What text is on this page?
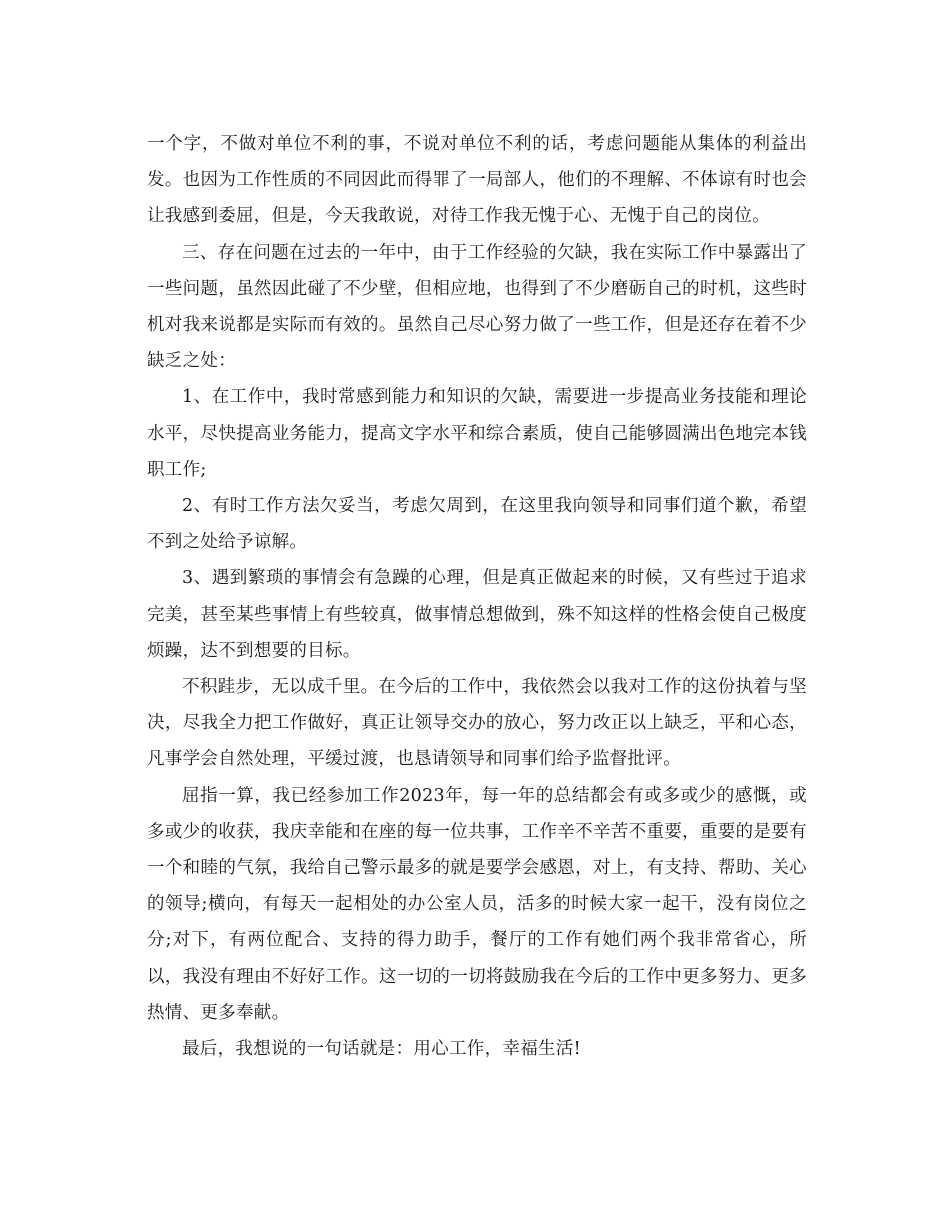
一个字，不做对单位不利的事，不说对单位不利的话，考虑问题能从集体的利益出发。也因为工作性质的不同因此而得罪了一局部人，他们的不理解、不体谅有时也会让我感到委屈，但是，今天我敢说，对待工作我无愧于心、无愧于自己的岗位。

三、存在问题在过去的一年中，由于工作经验的欠缺，我在实际工作中暴露出了一些问题，虽然因此碰了不少壁，但相应地，也得到了不少磨砺自己的时机，这些时机对我来说都是实际而有效的。虽然自己尽心努力做了一些工作，但是还存在着不少缺乏之处：

1、在工作中，我时常感到能力和知识的欠缺，需要进一步提高业务技能和理论水平，尽快提高业务能力，提高文字水平和综合素质，使自己能够圆满出色地完本钱职工作;

2、有时工作方法欠妥当，考虑欠周到，在这里我向领导和同事们道个歉，希望不到之处给予谅解。

3、遇到繁琐的事情会有急躁的心理，但是真正做起来的时候，又有些过于追求完美，甚至某些事情上有些较真，做事情总想做到，殊不知这样的性格会使自己极度烦躁，达不到想要的目标。

不积跬步，无以成千里。在今后的工作中，我依然会以我对工作的这份执着与坚决，尽我全力把工作做好，真正让领导交办的放心，努力改正以上缺乏，平和心态，凡事学会自然处理，平缓过渡，也恳请领导和同事们给予监督批评。

屈指一算，我已经参加工作2023年，每一年的总结都会有或多或少的感慨，或多或少的收获，我庆幸能和在座的每一位共事，工作辛不辛苦不重要，重要的是要有一个和睦的气氛，我给自己警示最多的就是要学会感恩，对上，有支持、帮助、关心的领导;横向，有每天一起相处的办公室人员，活多的时候大家一起干，没有岗位之分;对下，有两位配合、支持的得力助手，餐厅的工作有她们两个我非常省心，所以，我没有理由不好好工作。这一切的一切将鼓励我在今后的工作中更多努力、更多热情、更多奉献。

最后，我想说的一句话就是：用心工作，幸福生活!
